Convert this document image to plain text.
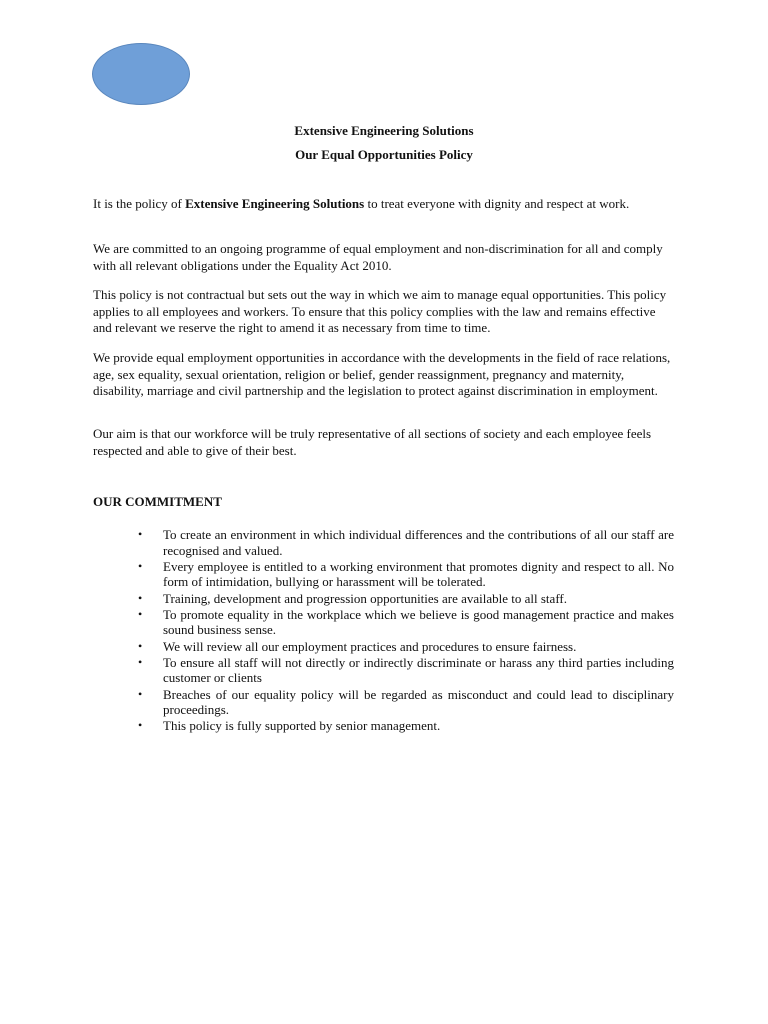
Extensive Engineering Solutions
Our Equal Opportunities Policy

It is the policy of Extensive Engineering Solutions to treat everyone with dignity and respect at work.

We are committed to an ongoing programme of equal employment and non-discrimination for all and comply with all relevant obligations under the Equality Act 2010.

This policy is not contractual but sets out the way in which we aim to manage equal opportunities. This policy applies to all employees and workers. To ensure that this policy complies with the law and remains effective and relevant we reserve the right to amend it as necessary from time to time.

We provide equal employment opportunities in accordance with the developments in the field of race relations, age, sex equality, sexual orientation, religion or belief, gender reassignment, pregnancy and maternity, disability, marriage and civil partnership and the legislation to protect against discrimination in employment.

Our aim is that our workforce will be truly representative of all sections of society and each employee feels respected and able to give of their best.

OUR COMMITMENT
• To create an environment in which individual differences and the contributions of all our staff are recognised and valued.
• Every employee is entitled to a working environment that promotes dignity and respect to all. No form of intimidation, bullying or harassment will be tolerated.
• Training, development and progression opportunities are available to all staff.
• To promote equality in the workplace which we believe is good management practice and makes sound business sense.
• We will review all our employment practices and procedures to ensure fairness.
• To ensure all staff will not directly or indirectly discriminate or harass any third parties including customer or clients
• Breaches of our equality policy will be regarded as misconduct and could lead to disciplinary proceedings.
• This policy is fully supported by senior management.
